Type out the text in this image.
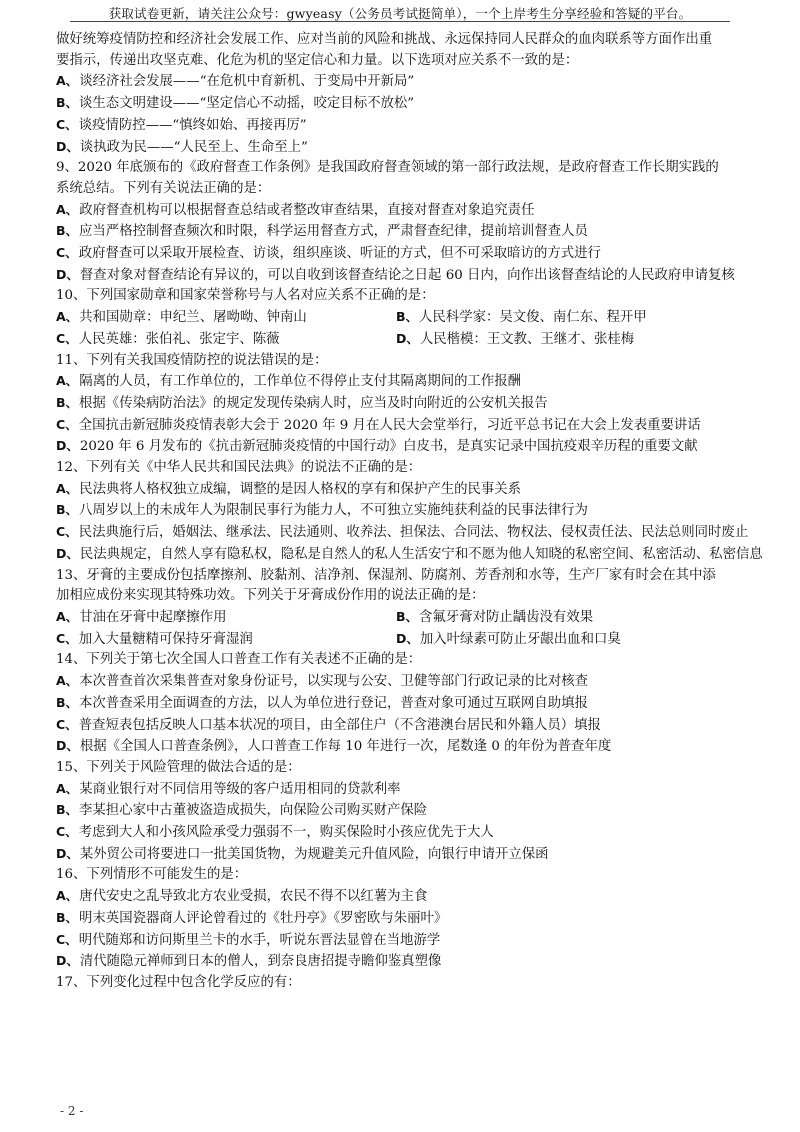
获取试卷更新，请关注公众号：gwyeasy（公务员考试挺简单），一个上岸考生分享经验和答疑的平台。
做好统筹疫情防控和经济社会发展工作、应对当前的风险和挑战、永远保持同人民群众的血肉联系等方面作出重
要指示，传递出攻坚克难、化危为机的坚定信心和力量。以下选项对应关系不一致的是：
A、谈经济社会发展——“在危机中育新机、于变局中开新局”
B、谈生态文明建设——“坚定信心不动摇，咬定目标不放松”
C、谈疫情防控——“慎终如始、再接再厉”
D、谈执政为民——“人民至上、生命至上”
9、2020 年底颁布的《政府督查工作条例》是我国政府督查领域的第一部行政法规，是政府督查工作长期实践的
系统总结。下列有关说法正确的是：
A、政府督查机构可以根据督查总结或者整改审查结果，直接对督查对象追究责任
B、应当严格控制督查频次和时限，科学运用督查方式，严肃督查纪律，提前培训督查人员
C、政府督查可以采取开展检查、访谈，组织座谈、听证的方式，但不可采取暗访的方式进行
D、督查对象对督查结论有异议的，可以自收到该督查结论之日起 60 日内，向作出该督查结论的人民政府申请复核
10、下列国家勋章和国家荣誉称号与人名对应关系不正确的是：
A、共和国勋章：申纪兰、屠呦呦、钟南山	B、人民科学家：吴文俊、南仁东、程开甲
C、人民英雄：张伯礼、张定宇、陈薇	D、人民楷模：王文教、王继才、张桂梅
11、下列有关我国疫情防控的说法错误的是：
A、隔离的人员，有工作单位的，工作单位不得停止支付其隔离期间的工作报酬
B、根据《传染病防治法》的规定发现传染病人时，应当及时向附近的公安机关报告
C、全国抗击新冠肺炎疫情表彰大会于 2020 年 9 月在人民大会堂举行，习近平总书记在大会上发表重要讲话
D、2020 年 6 月发布的《抗击新冠肺炎疫情的中国行动》白皮书，是真实记录中国抗疫艰辛历程的重要文献
12、下列有关《中华人民共和国民法典》的说法不正确的是：
A、民法典将人格权独立成编，调整的是因人格权的享有和保护产生的民事关系
B、八周岁以上的未成年人为限制民事行为能力人，不可独立实施纯获利益的民事法律行为
C、民法典施行后，婚姻法、继承法、民法通则、收养法、担保法、合同法、物权法、侵权责任法、民法总则同时废止
D、民法典规定，自然人享有隐私权，隐私是自然人的私人生活安宁和不愿为他人知晓的私密空间、私密活动、私密信息
13、牙膏的主要成份包括摩擦剂、胶黏剂、洁净剂、保湿剂、防腐剂、芳香剂和水等，生产厂家有时会在其中添
加相应成份来实现其特殊功效。下列关于牙膏成份作用的说法正确的是：
A、甘油在牙膏中起摩擦作用	B、含氟牙膏对防止龋齿没有效果
C、加入大量糖精可保持牙膏湿润	D、加入叶绿素可防止牙龈出血和口臭
14、下列关于第七次全国人口普查工作有关表述不正确的是：
A、本次普查首次采集普查对象身份证号，以实现与公安、卫健等部门行政记录的比对核查
B、本次普查采用全面调查的方法，以人为单位进行登记，普查对象可通过互联网自助填报
C、普查短表包括反映人口基本状况的项目，由全部住户（不含港澳台居民和外籍人员）填报
D、根据《全国人口普查条例》，人口普查工作每 10 年进行一次，尾数逢 0 的年份为普查年度
15、下列关于风险管理的做法合适的是：
A、某商业银行对不同信用等级的客户适用相同的贷款利率
B、李某担心家中古董被盗造成损失，向保险公司购买财产保险
C、考虑到大人和小孩风险承受力强弱不一，购买保险时小孩应优先于大人
D、某外贸公司将要进口一批美国货物，为规避美元升值风险，向银行申请开立保函
16、下列情形不可能发生的是：
A、唐代安史之乱导致北方农业受损，农民不得不以红薯为主食
B、明末英国瓷器商人评论曾看过的《牡丹亭》《罗密欧与朱丽叶》
C、明代随郑和访问斯里兰卡的水手，听说东晋法显曾在当地游学
D、清代随隐元禅师到日本的僧人，到奈良唐招提寺瞻仰鉴真塑像
17、下列变化过程中包含化学反应的有：
- 2 -
